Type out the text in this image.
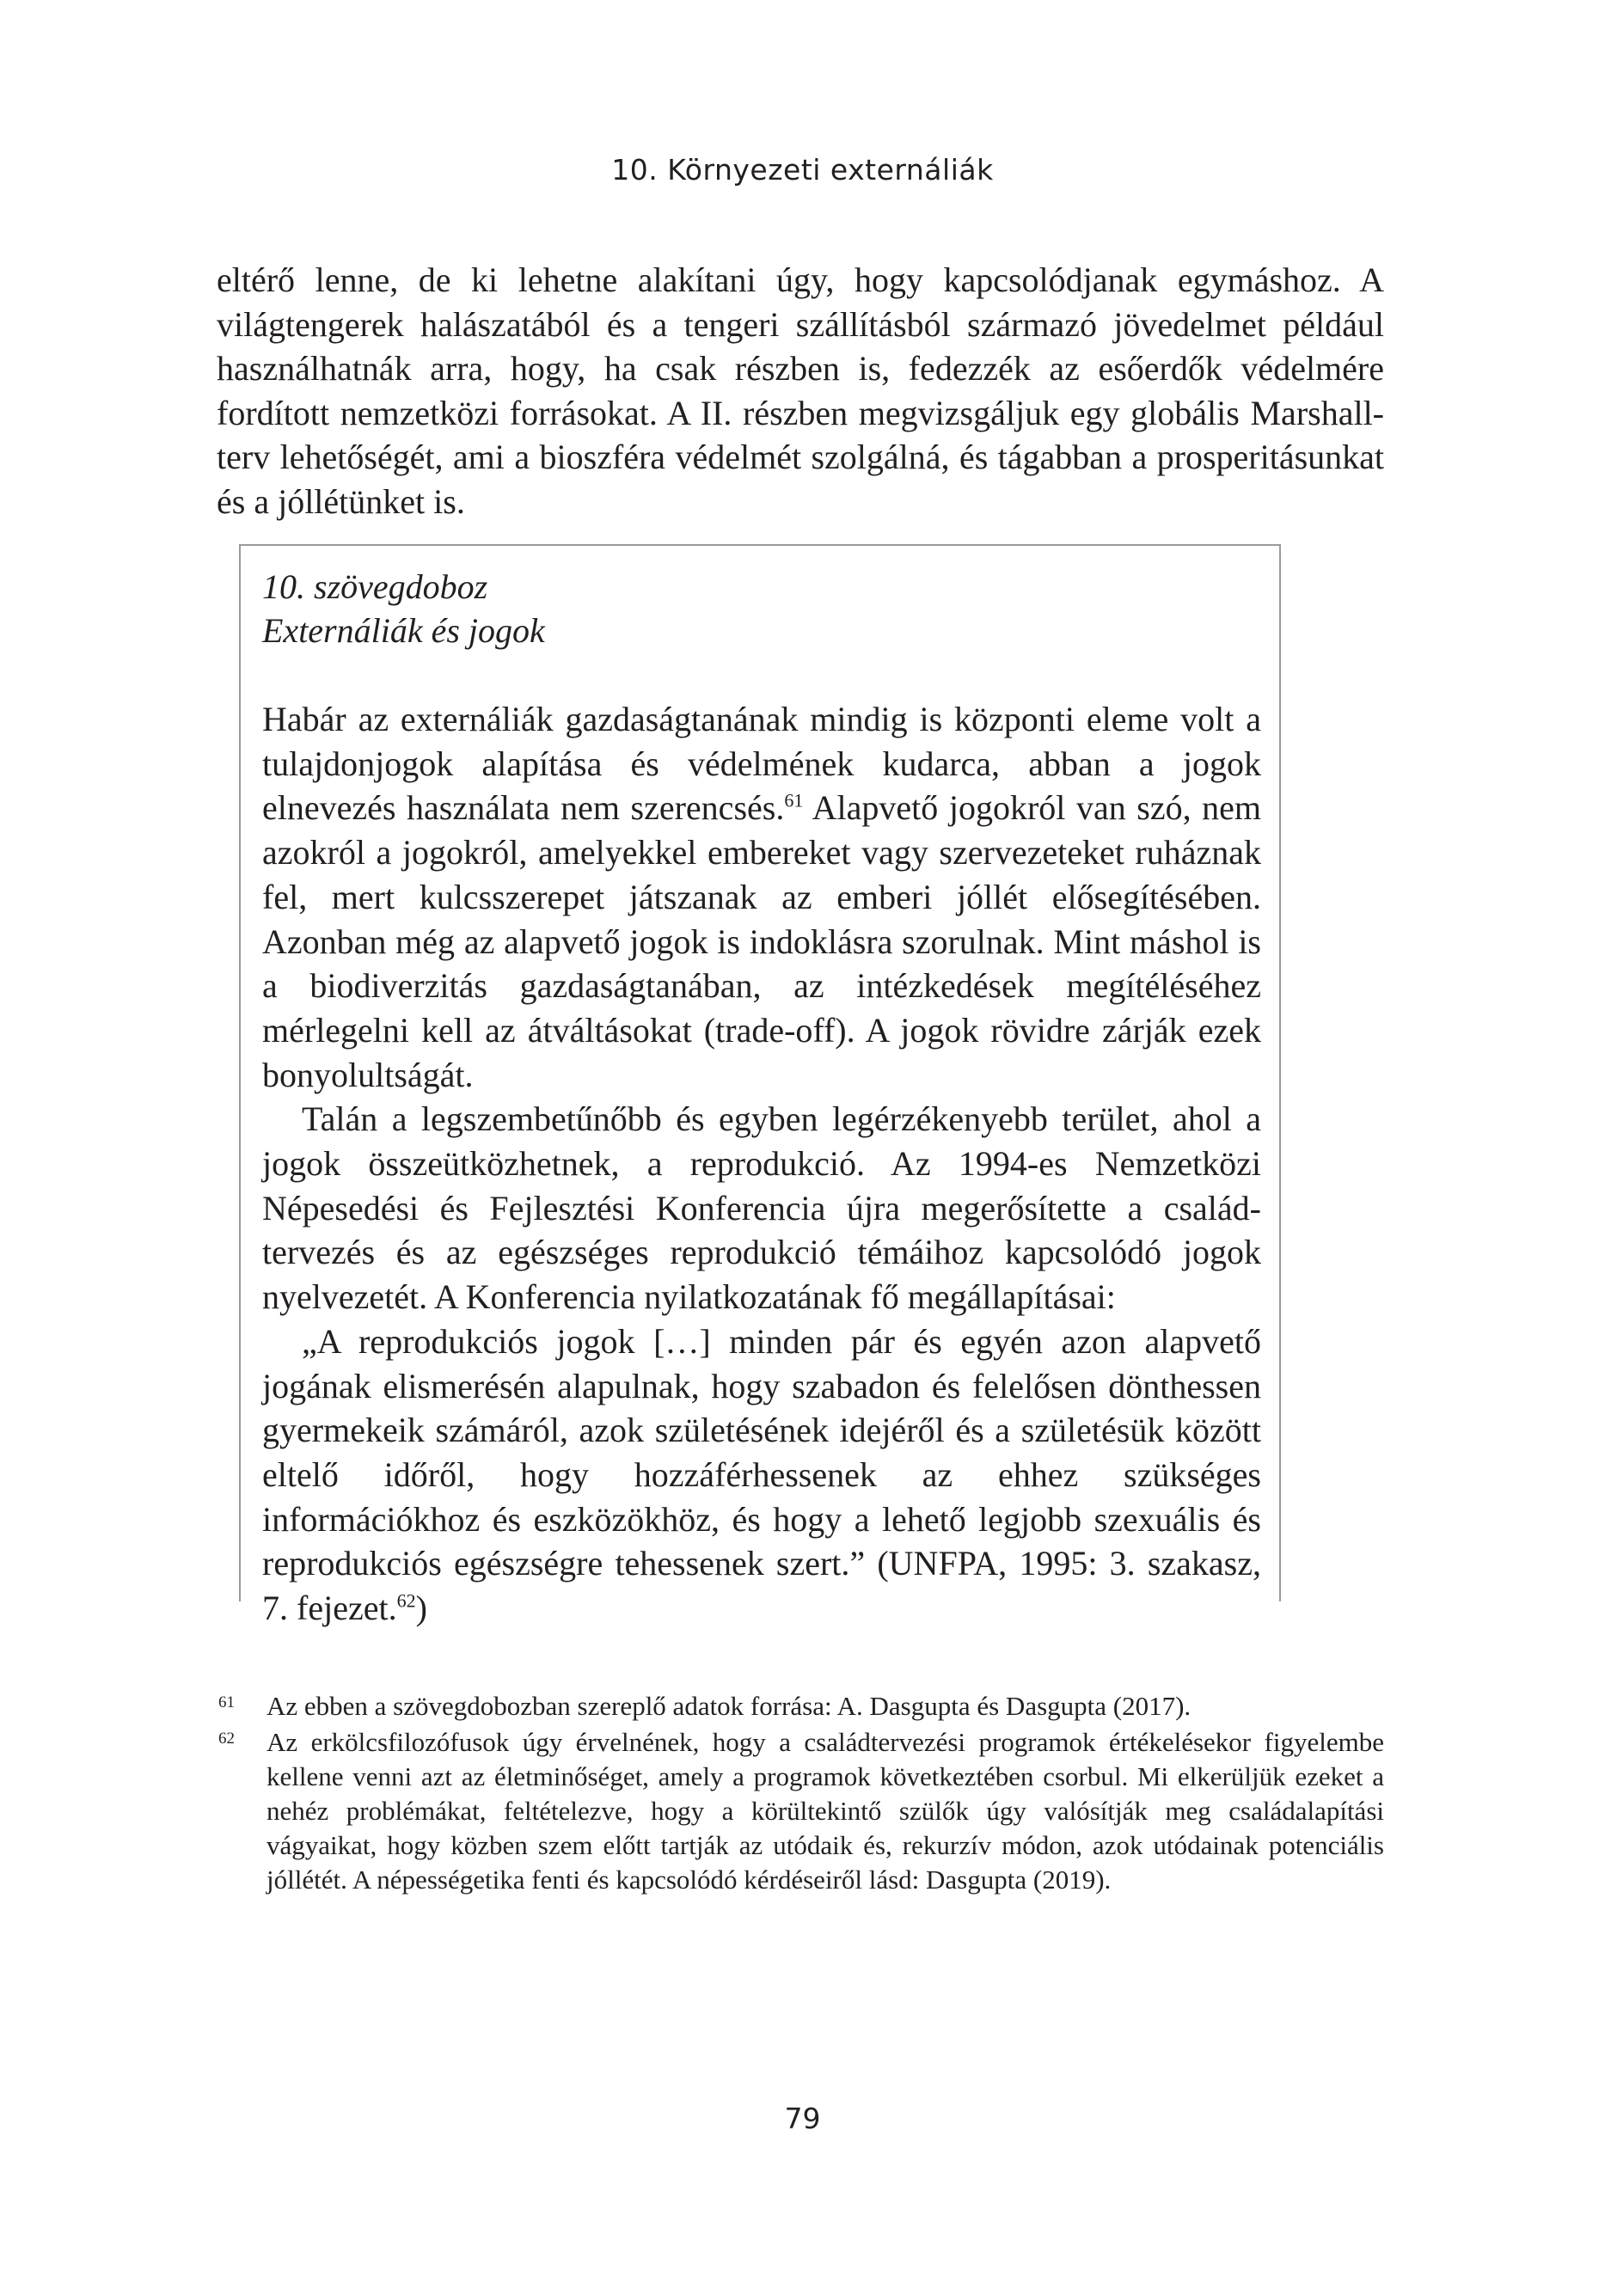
10. Környezeti externáliák

eltérő lenne, de ki lehetne alakítani úgy, hogy kapcsolódjanak egymáshoz. A világtengerek halászatából és a tengeri szállításból származó jövedelmet például használhatnák arra, hogy, ha csak részben is, fedezzék az esőerdők védelmére fordított nemzetközi forrásokat. A II. részben megvizsgáljuk egy globális Marshall-terv lehetőségét, ami a bioszféra védelmét szolgálná, és tágabban a prosperitásunkat és a jóllétünket is.

10. szövegdoboz

Externáliák és jogok

Habár az externáliák gazdaságtanának mindig is központi eleme volt a tulajdonjogok alapítása és védelmének kudarca, abban a jogok elnevezés használata nem szerencsés.$^{61}$ Alapvető jogokról van szó, nem azokról a jogokról, amelyekkel embereket vagy szervezeteket ruháznak fel, mert kulcsszerepet játszanak az emberi jóllét elősegítésében. Azonban még az alapvető jogok is indoklásra szorulnak. Mint máshol is a biodiverzitás gazdaságtanában, az intézkedések megítéléséhez mérlegelni kell az átváltásokat (trade-off). A jogok rövidre zárják ezek bonyolultságát.

Talán a legszembetűnőbb és egyben legérzékenyebb terület, ahol a jogok összeütközhetnek, a reprodukció. Az 1994-es Nemzetközi Népesedési és Fejlesztési Konferencia újra megerősítette a családtervezés és az egészséges reprodukció témáihoz kapcsolódó jogok nyelvezetét. A Konferencia nyilatkozatának fő megállapításai:

„A reprodukciós jogok […] minden pár és egyén azon alapvető jogának elismerésén alapulnak, hogy szabadon és felelősen dönthessen gyermekeik számáról, azok születésének idejéről és a születésük között eltelő időről, hogy hozzáférhessenek az ehhez szükséges információkhoz és eszközökhöz, és hogy a lehető legjobb szexuális és reprodukciós egészségre tehessenek szert.” (UNFPA, 1995: 3. szakasz, 7. fejezet.$^{62}$)

61 Az ebben a szövegdobozban szereplő adatok forrása: A. Dasgupta és Dasgupta (2017).
62 Az erkölcsfilozófusok úgy érvelnének, hogy a családtervezési programok értékelésekor figyelembe kellene venni azt az életminőséget, amely a programok következtében csorbul. Mi elkerüljük ezeket a nehéz problémákat, feltételezve, hogy a körültekintő szülők úgy valósítják meg családalapítási vágyaikat, hogy közben szem előtt tartják az utódaik és, rekurzív módon, azok utódainak potenciális jóllétét. A népességetika fenti és kapcsolódó kérdéseiről lásd: Dasgupta (2019).
79
